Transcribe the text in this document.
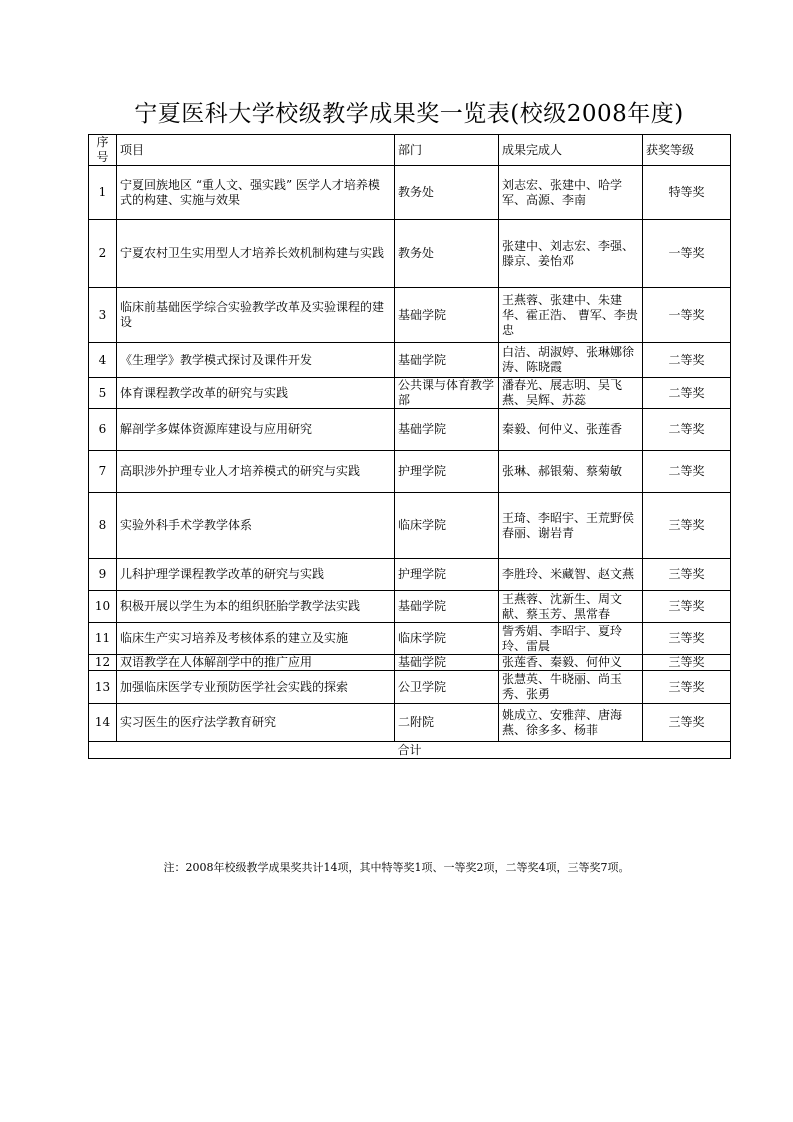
宁夏医科大学校级教学成果奖一览表(校级2008年度)
序号	项目	部门	成果完成人	获奖等级
1	宁夏回族地区 “重人文、强实践” 医学人才培养模式的构建、实施与效果	教务处	刘志宏、张建中、哈学军、高源、李南	特等奖
2	宁夏农村卫生实用型人才培养长效机制构建与实践	教务处	张建中、刘志宏、李强、滕京、姜怡邓	一等奖
3	临床前基础医学综合实验教学改革及实验课程的建设	基础学院	王燕蓉、张建中、朱建华、霍正浩、 曹军、李贵忠	一等奖
4	《生理学》教学模式探讨及课件开发	基础学院	白洁、胡淑婷、张琳娜徐涛、陈晓霞	二等奖
5	体育课程教学改革的研究与实践	公共课与体育教学部	潘春光、展志明、吴飞燕、吴辉、苏蕊	二等奖
6	解剖学多媒体资源库建设与应用研究	基础学院	秦毅、何仲义、张莲香	二等奖
7	高职涉外护理专业人才培养模式的研究与实践	护理学院	张琳、郝银菊、蔡菊敏	二等奖
8	实验外科手术学教学体系	临床学院	王琦、李昭宇、王荒野侯春丽、谢岩青	三等奖
9	儿科护理学课程教学改革的研究与实践	护理学院	李胜玲、米藏智、赵文燕	三等奖
10	积极开展以学生为本的组织胚胎学教学法实践	基础学院	王燕蓉、沈新生、周文献、蔡玉芳、黑常春	三等奖
11	临床生产实习培养及考核体系的建立及实施	临床学院	訾秀娟、李昭宇、夏玲玲、雷晨	三等奖
12	双语教学在人体解剖学中的推广应用	基础学院	张莲香、秦毅、何仲义	三等奖
13	加强临床医学专业预防医学社会实践的探索	公卫学院	张慧英、牛晓丽、尚玉秀、张勇	三等奖
14	实习医生的医疗法学教育研究	二附院	姚成立、安雅萍、唐海燕、徐多多、杨菲	三等奖
合计				
注：2008年校级教学成果奖共计14项，其中特等奖1项、一等奖2项，二等奖4项，三等奖7项。
